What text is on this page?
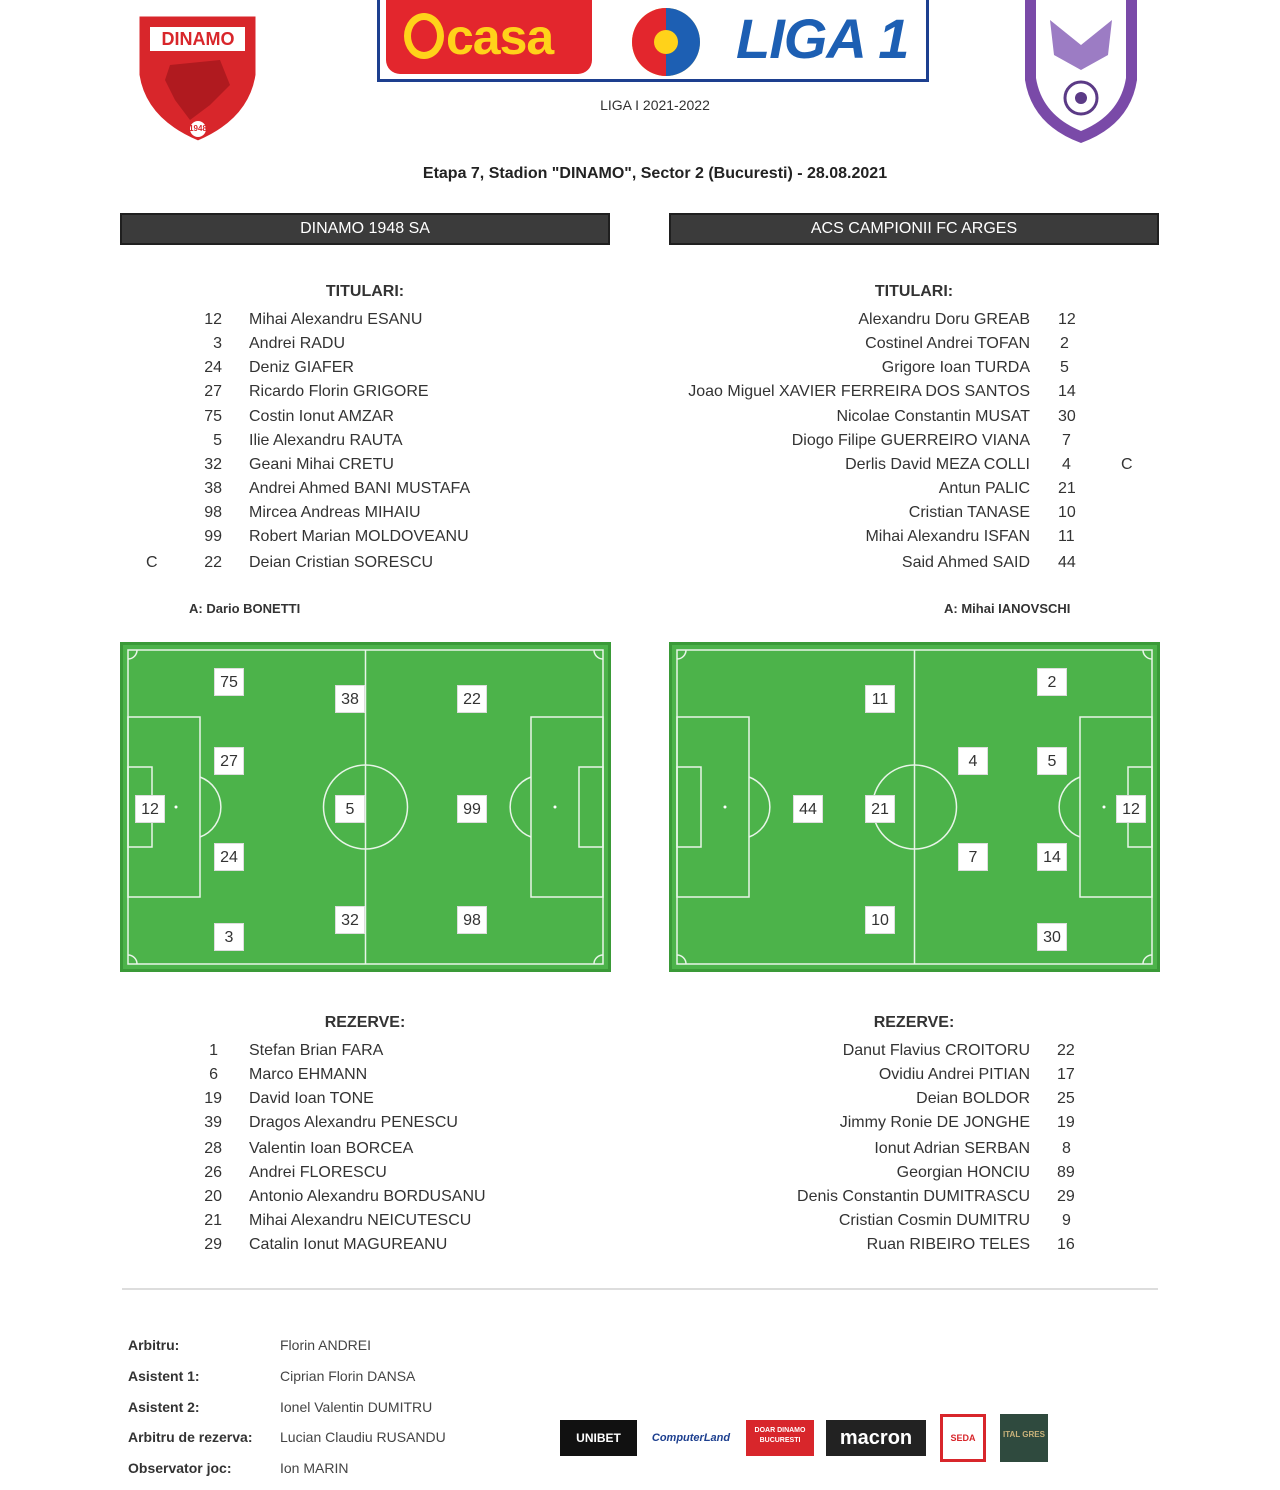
DINAMO
1948
casa	LIGA 1
LIGA I 2021-2022
Etapa 7, Stadion "DINAMO", Sector 2 (Bucuresti) - 28.08.2021
DINAMO 1948 SA	ACS CAMPIONII FC ARGES
TITULARI:	TITULARI:
12 Mihai Alexandru ESANU
3 Andrei RADU
24 Deniz GIAFER
27 Ricardo Florin GRIGORE
75 Costin Ionut AMZAR
5 Ilie Alexandru RAUTA
32 Geani Mihai CRETU
38 Andrei Ahmed BANI MUSTAFA
98 Mircea Andreas MIHAIU
99 Robert Marian MOLDOVEANU
C	22 Deian Cristian SORESCU
Alexandru Doru GREAB 12
Costinel Andrei TOFAN 2
Grigore Ioan TURDA 5
Joao Miguel XAVIER FERREIRA DOS SANTOS 14
Nicolae Constantin MUSAT 30
Diogo Filipe GUERREIRO VIANA 7
Derlis David MEZA COLLI 4	C
Antun PALIC 21
Cristian TANASE 10
Mihai Alexandru ISFAN 11
Said Ahmed SAID 44
A: Dario BONETTI	A: Mihai IANOVSCHI
75
38	22
27
12	5	99
24
3
32	98
11
2
4	5
44	21	12
7	14
10
30
REZERVE:	REZERVE:
1 Stefan Brian FARA
6 Marco EHMANN
19 David Ioan TONE
39 Dragos Alexandru PENESCU
28 Valentin Ioan BORCEA
26 Andrei FLORESCU
20 Antonio Alexandru BORDUSANU
21 Mihai Alexandru NEICUTESCU
29 Catalin Ionut MAGUREANU
Danut Flavius CROITORU 22
Ovidiu Andrei PITIAN 17
Deian BOLDOR 25
Jimmy Ronie DE JONGHE 19
Ionut Adrian SERBAN 8
Georgian HONCIU 89
Denis Constantin DUMITRASCU 29
Cristian Cosmin DUMITRU 9
Ruan RIBEIRO TELES 16
Arbitru:	Florin ANDREI
Asistent 1:	Ciprian Florin DANSA
Asistent 2:	Ionel Valentin DUMITRU
Arbitru de rezerva: Lucian Claudiu RUSANDU
Observator joc:	Ion MARIN
UNIBET	ComputerLand
DOAR DINAMO BUCURESTI	macron	SEDA	ITAL GRES
